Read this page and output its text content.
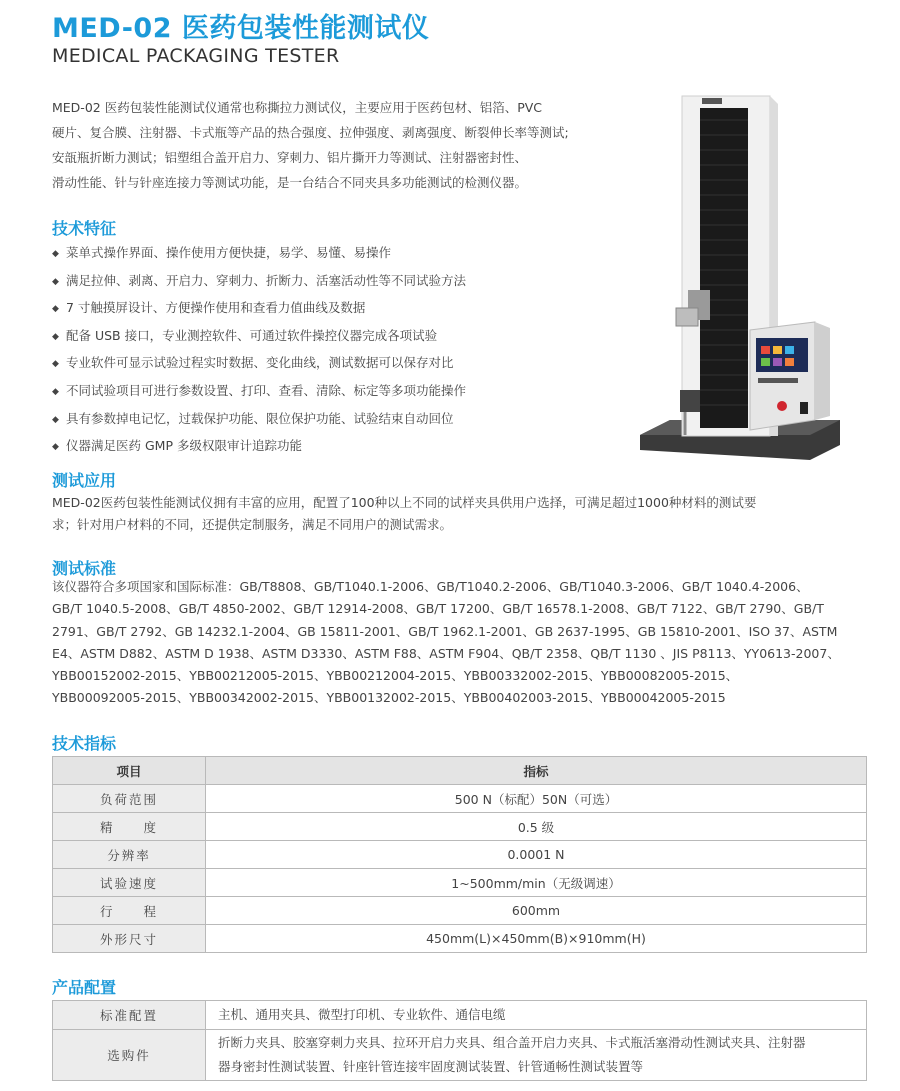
MED-02 医药包装性能测试仪
MEDICAL PACKAGING TESTER
MED-02 医药包装性能测试仪通常也称撕拉力测试仪，主要应用于医药包材、铝箔、PVC
硬片、复合膜、注射器、卡式瓶等产品的热合强度、拉伸强度、剥离强度、断裂伸长率等测试;
安瓿瓶折断力测试；铝塑组合盖开启力、穿刺力、铝片撕开力等测试、注射器密封性、
滑动性能、针与针座连接力等测试功能，是一台结合不同夹具多功能测试的检测仪器。
技术特征
◆ 菜单式操作界面、操作使用方便快捷，易学、易懂、易操作
◆ 满足拉伸、剥离、开启力、穿刺力、折断力、活塞活动性等不同试验方法
◆ 7 寸触摸屏设计、方便操作使用和查看力值曲线及数据
◆ 配备 USB 接口，专业测控软件、可通过软件操控仪器完成各项试验
◆ 专业软件可显示试验过程实时数据、变化曲线，测试数据可以保存对比
◆ 不同试验项目可进行参数设置、打印、查看、清除、标定等多项功能操作
◆ 具有参数掉电记忆，过载保护功能、限位保护功能、试验结束自动回位
◆ 仪器满足医药 GMP 多级权限审计追踪功能
测试应用
MED-02医药包装性能测试仪拥有丰富的应用，配置了100种以上不同的试样夹具供用户选择，可满足超过1000种材料的测试要
求；针对用户材料的不同，还提供定制服务，满足不同用户的测试需求。
测试标准
该仪器符合多项国家和国际标准：GB/T8808、GB/T1040.1-2006、GB/T1040.2-2006、GB/T1040.3-2006、GB/T 1040.4-2006、
GB/T 1040.5-2008、GB/T 4850-2002、GB/T 12914-2008、GB/T 17200、GB/T 16578.1-2008、GB/T 7122、GB/T 2790、GB/T
2791、GB/T 2792、GB 14232.1-2004、GB 15811-2001、GB/T 1962.1-2001、GB 2637-1995、GB 15810-2001、ISO 37、ASTM
E4、ASTM D882、ASTM D 1938、ASTM D3330、ASTM F88、ASTM F904、QB/T 2358、QB/T 1130 、JIS P8113、YY0613-2007、
YBB00152002-2015、YBB00212005-2015、YBB00212004-2015、YBB00332002-2015、YBB00082005-2015、
YBB00092005-2015、YBB00342002-2015、YBB00132002-2015、YBB00402003-2015、YBB00042005-2015
技术指标
项目	指标
负荷范围	500 N（标配）50N（可选）
精　　度	0.5 级
分辨率	0.0001 N
试验速度	1~500mm/min（无级调速）
行　　程	600mm
外形尺寸	450mm(L)×450mm(B)×910mm(H)
产品配置
标准配置	主机、通用夹具、微型打印机、专业软件、通信电缆
选购件	折断力夹具、胶塞穿刺力夹具、拉环开启力夹具、组合盖开启力夹具、卡式瓶活塞滑动性测试夹具、注射器
器身密封性测试装置、针座针管连接牢固度测试装置、针管通畅性测试装置等
